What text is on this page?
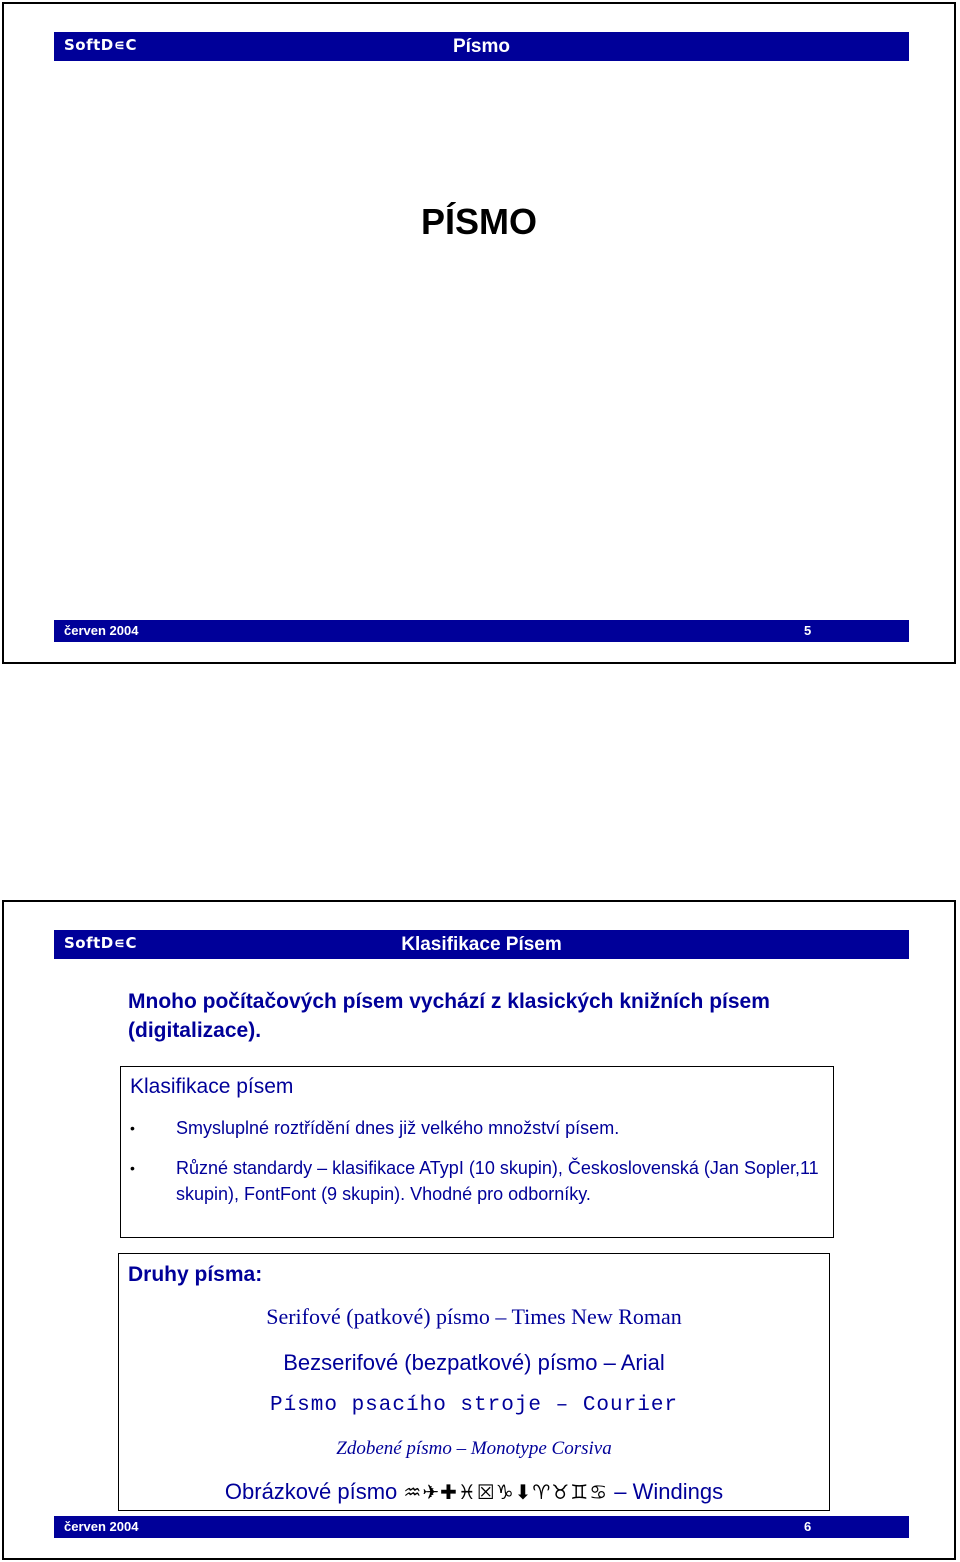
SoftD∊C	Písmo
PÍSMO
červen 2004	5
SoftD∊C	Klasifikace Písem
Mnoho počítačových písem vychází z klasických knižních písem (digitalizace).
Klasifikace písem
• Smysluplné roztřídění dnes již velkého množství písem.
• Různé standardy – klasifikace ATypI (10 skupin), Československá (Jan Sopler,11 skupin), FontFont (9 skupin). Vhodné pro odborníky.
Druhy písma:
Serifové (patkové) písmo – Times New Roman
Bezserifové (bezpatkové) písmo – Arial
Písmo psacího stroje – Courier
Zdobené písmo – Monotype Corsiva
Obrázkové písmo ♒✈✚♓☒♑⬇♈♉♊♋ – Windings
červen 2004	6
